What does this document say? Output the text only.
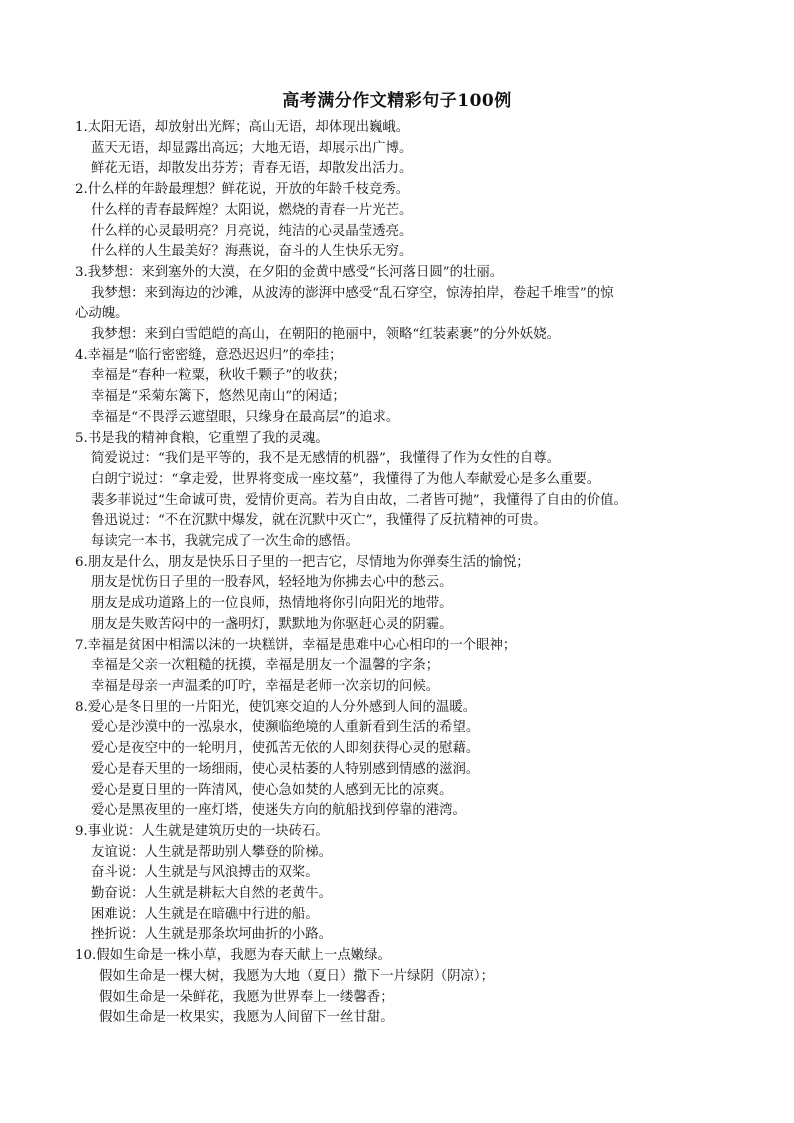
高考满分作文精彩句子100例
1.太阳无语，却放射出光辉；高山无语，却体现出巍峨。
蓝天无语，却显露出高远；大地无语，却展示出广博。
鲜花无语，却散发出芬芳；青春无语，却散发出活力。
2.什么样的年龄最理想？鲜花说，开放的年龄千枝竞秀。
什么样的青春最辉煌？太阳说，燃烧的青春一片光芒。
什么样的心灵最明亮？月亮说，纯洁的心灵晶莹透亮。
什么样的人生最美好？海燕说，奋斗的人生快乐无穷。
3.我梦想：来到塞外的大漠，在夕阳的金黄中感受“长河落日圆”的壮丽。
我梦想：来到海边的沙滩，从波涛的澎湃中感受“乱石穿空，惊涛拍岸，卷起千堆雪”的惊
心动魄。
我梦想：来到白雪皑皑的高山，在朝阳的艳丽中，领略“红装素裹”的分外妖娆。
4.幸福是“临行密密缝，意恐迟迟归”的牵挂；
幸福是“春种一粒粟，秋收千颗子”的收获；
幸福是“采菊东篱下，悠然见南山”的闲适；
幸福是“不畏浮云遮望眼，只缘身在最高层”的追求。
5.书是我的精神食粮，它重塑了我的灵魂。
简爱说过：“我们是平等的，我不是无感情的机器”，我懂得了作为女性的自尊。
白朗宁说过：“拿走爱，世界将变成一座坟墓”，我懂得了为他人奉献爱心是多么重要。
裴多菲说过“生命诚可贵，爱情价更高。若为自由故，二者皆可抛”，我懂得了自由的价值。
鲁迅说过：“不在沉默中爆发，就在沉默中灭亡”，我懂得了反抗精神的可贵。
每读完一本书，我就完成了一次生命的感悟。
6.朋友是什么，朋友是快乐日子里的一把吉它，尽情地为你弹奏生活的愉悦；
朋友是忧伤日子里的一股春风，轻轻地为你拂去心中的愁云。
朋友是成功道路上的一位良师，热情地将你引向阳光的地带。
朋友是失败苦闷中的一盏明灯，默默地为你驱赶心灵的阴霾。
7.幸福是贫困中相濡以沫的一块糕饼，幸福是患难中心心相印的一个眼神；
幸福是父亲一次粗糙的抚摸，幸福是朋友一个温馨的字条；
幸福是母亲一声温柔的叮咛，幸福是老师一次亲切的问候。
8.爱心是冬日里的一片阳光，使饥寒交迫的人分外感到人间的温暖。
爱心是沙漠中的一泓泉水，使濒临绝境的人重新看到生活的希望。
爱心是夜空中的一轮明月，使孤苦无依的人即刻获得心灵的慰藉。
爱心是春天里的一场细雨，使心灵枯萎的人特别感到情感的滋润。
爱心是夏日里的一阵清风，使心急如焚的人感到无比的凉爽。
爱心是黑夜里的一座灯塔，使迷失方向的航船找到停靠的港湾。
9.事业说：人生就是建筑历史的一块砖石。
友谊说：人生就是帮助别人攀登的阶梯。
奋斗说：人生就是与风浪搏击的双桨。
勤奋说：人生就是耕耘大自然的老黄牛。
困难说：人生就是在暗礁中行进的船。
挫折说：人生就是那条坎坷曲折的小路。
10.假如生命是一株小草，我愿为春天献上一点嫩绿。
假如生命是一棵大树，我愿为大地（夏日）撒下一片绿阴（阴凉）；
假如生命是一朵鲜花，我愿为世界奉上一缕馨香；
假如生命是一枚果实，我愿为人间留下一丝甘甜。
